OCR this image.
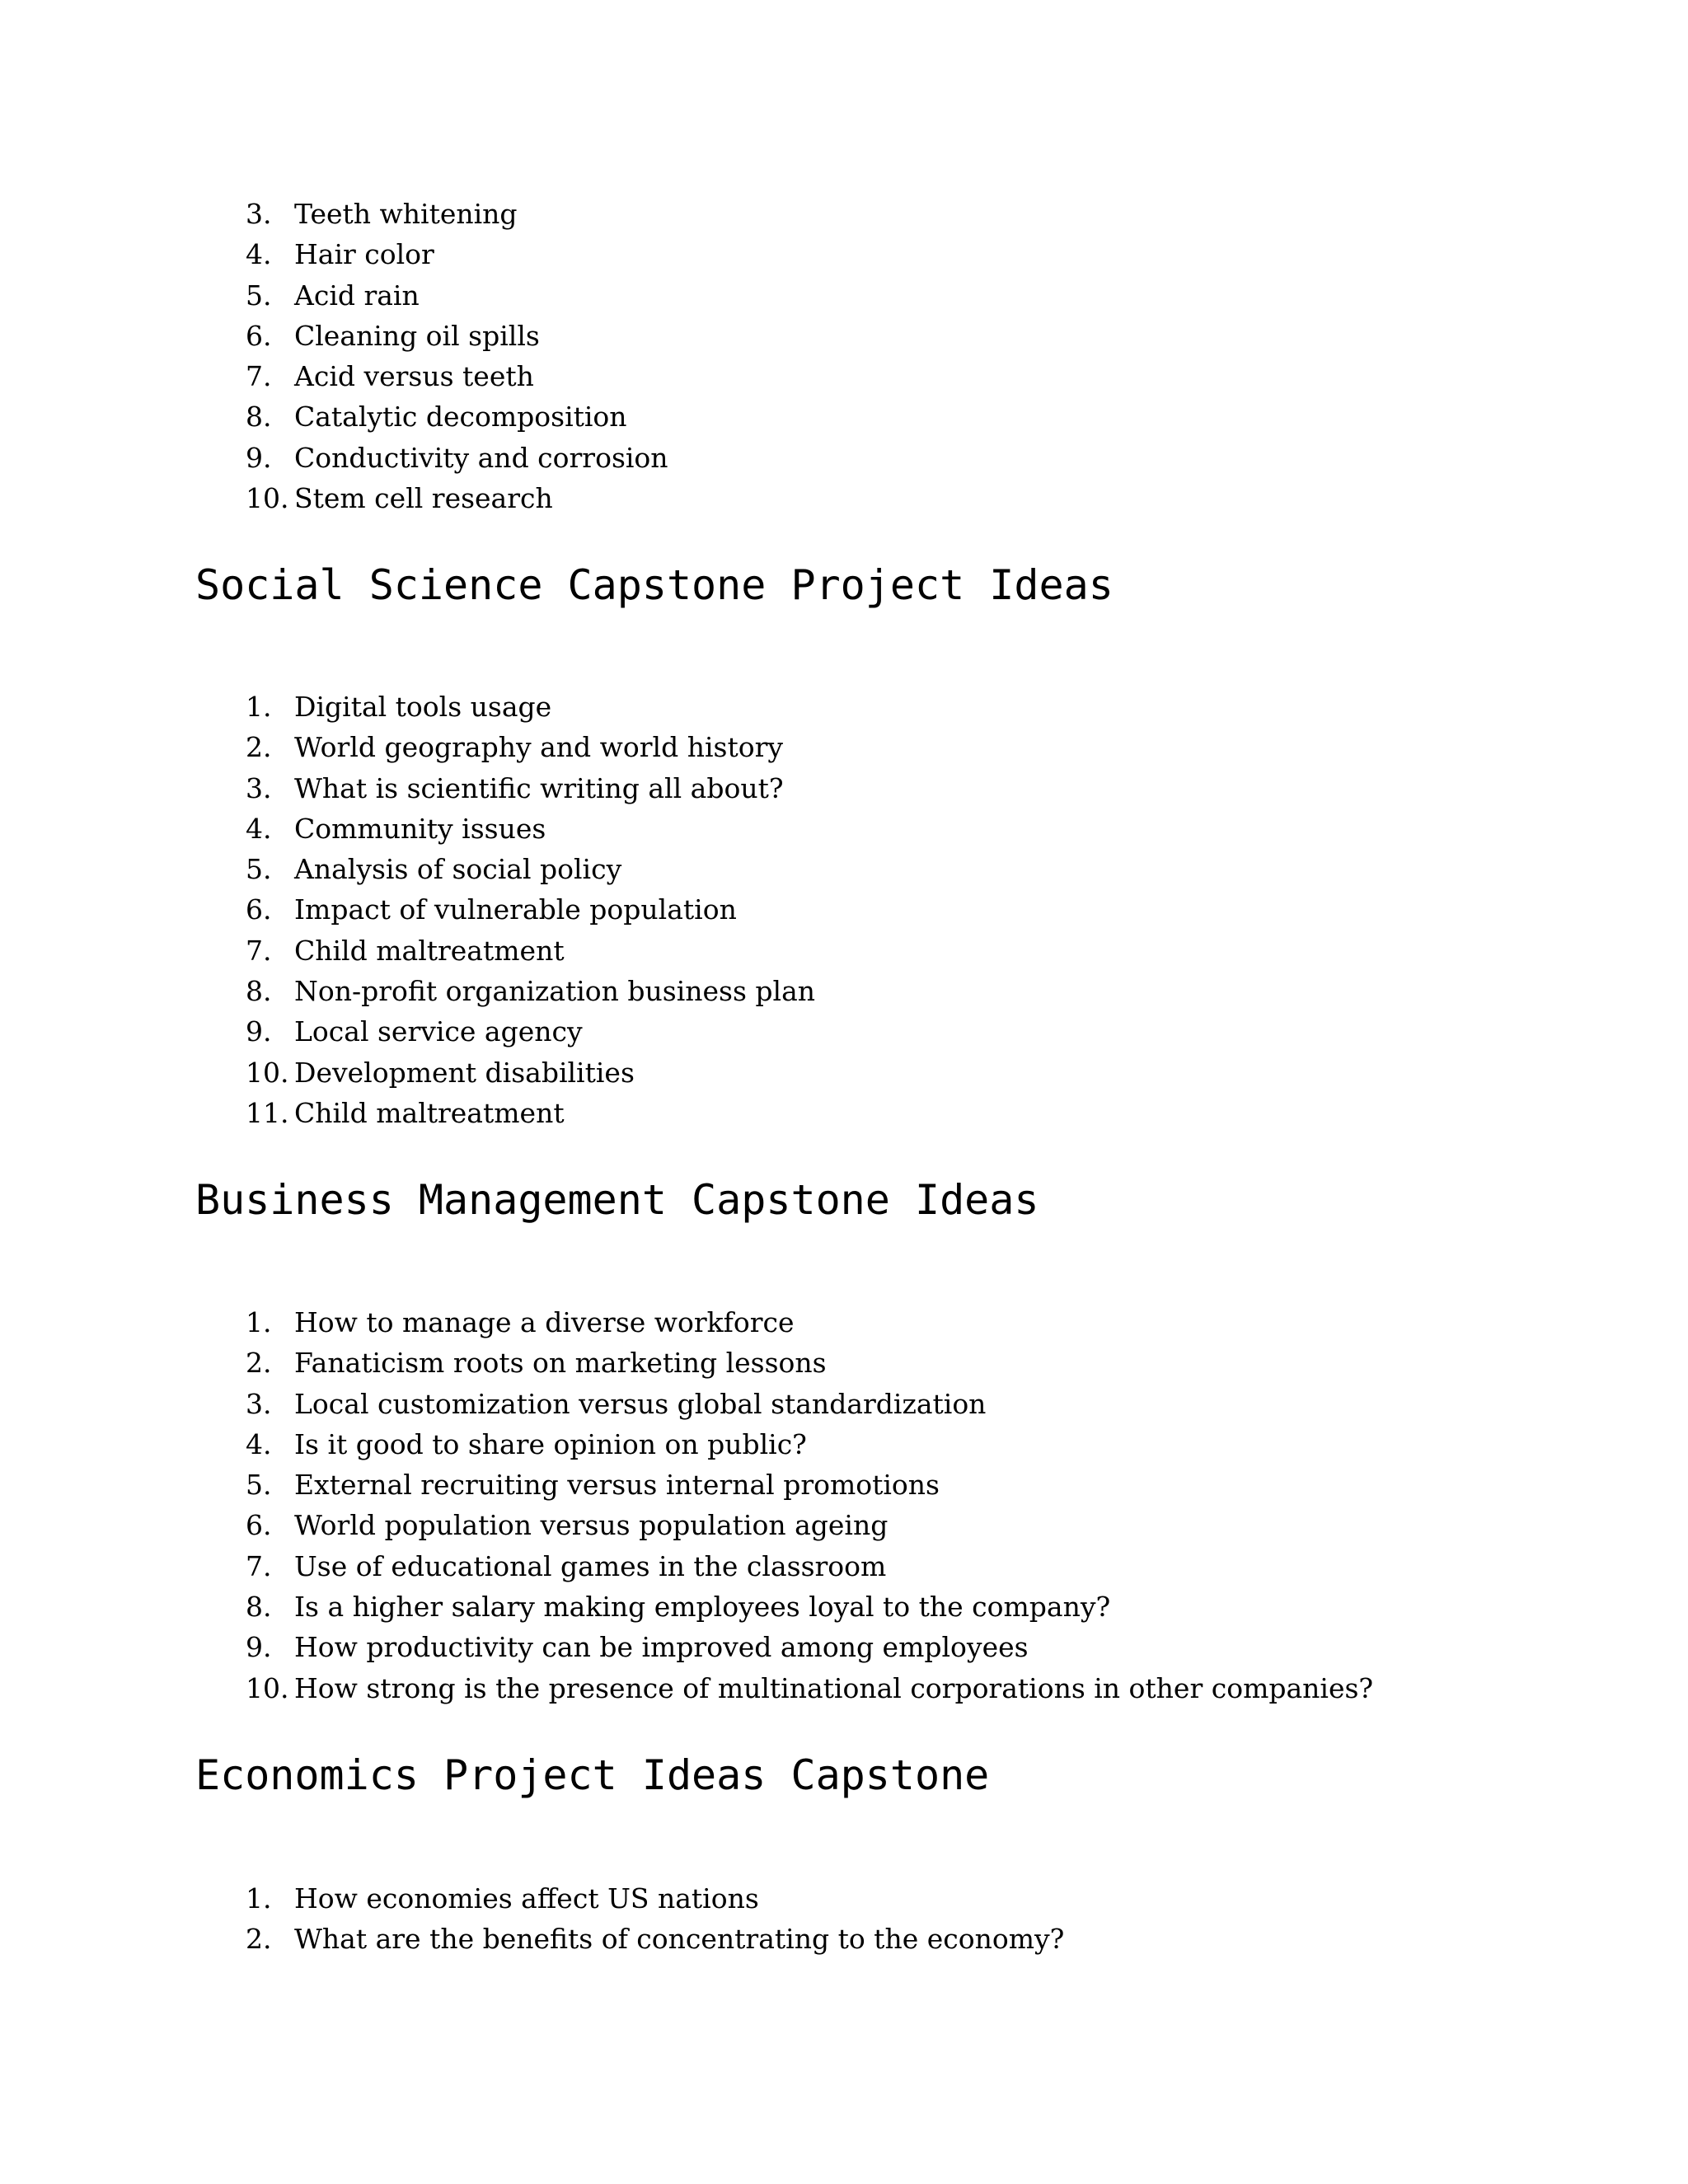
3. Teeth whitening
4. Hair color
5. Acid rain
6. Cleaning oil spills
7. Acid versus teeth
8. Catalytic decomposition
9. Conductivity and corrosion
10. Stem cell research
Social Science Capstone Project Ideas
1. Digital tools usage
2. World geography and world history
3. What is scientific writing all about?
4. Community issues
5. Analysis of social policy
6. Impact of vulnerable population
7. Child maltreatment
8. Non-profit organization business plan
9. Local service agency
10. Development disabilities
11. Child maltreatment
Business Management Capstone Ideas
1. How to manage a diverse workforce
2. Fanaticism roots on marketing lessons
3. Local customization versus global standardization
4. Is it good to share opinion on public?
5. External recruiting versus internal promotions
6. World population versus population ageing
7. Use of educational games in the classroom
8. Is a higher salary making employees loyal to the company?
9. How productivity can be improved among employees
10. How strong is the presence of multinational corporations in other companies?
Economics Project Ideas Capstone
1. How economies affect US nations
2. What are the benefits of concentrating to the economy?
